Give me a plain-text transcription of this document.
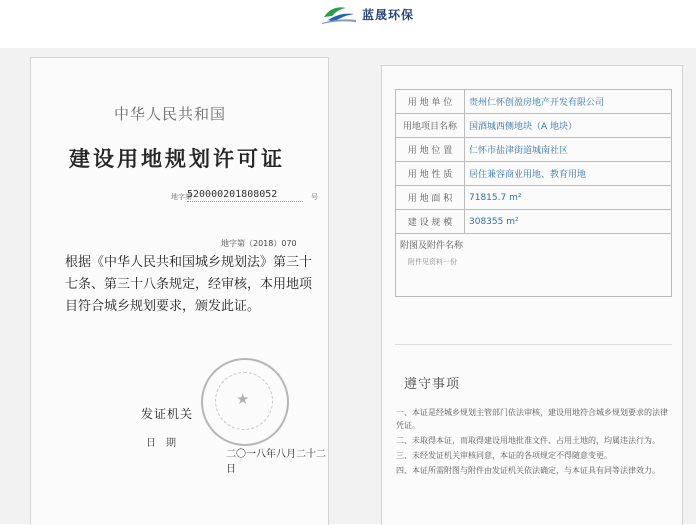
蓝晟环保
中华人民共和国
建设用地规划许可证
地字第
520000201808052	号
地字第（2018）070
根据《中华人民共和国城乡规划法》第三十七条、第三十八条规定，经审核，本用地项目符合城乡规划要求，颁发此证。
★
发证机关
日期
二〇一八年八月二十二日
用 地 单 位	贵州仁怀创盈房地产开发有限公司
用地项目名称	国酒城西侧地块（A 地块）
用 地 位 置	仁怀市盐津街道城南社区
用 地 性 质	居住兼容商业用地、教育用地
用 地 面 积	71815.7 m²
建 设 规 模	308355 m²
附图及附件名称
附件见资料一份	
遵守事项
一、本证是经城乡规划主管部门依法审核，建设用地符合城乡规划要求的法律凭证。
二、未取得本证，而取得建设用地批准文件、占用土地的，均属违法行为。
三、未经发证机关审核同意，本证的各项规定不得随意变更。
四、本证所需附图与附件由发证机关依法确定，与本证具有同等法律效力。
